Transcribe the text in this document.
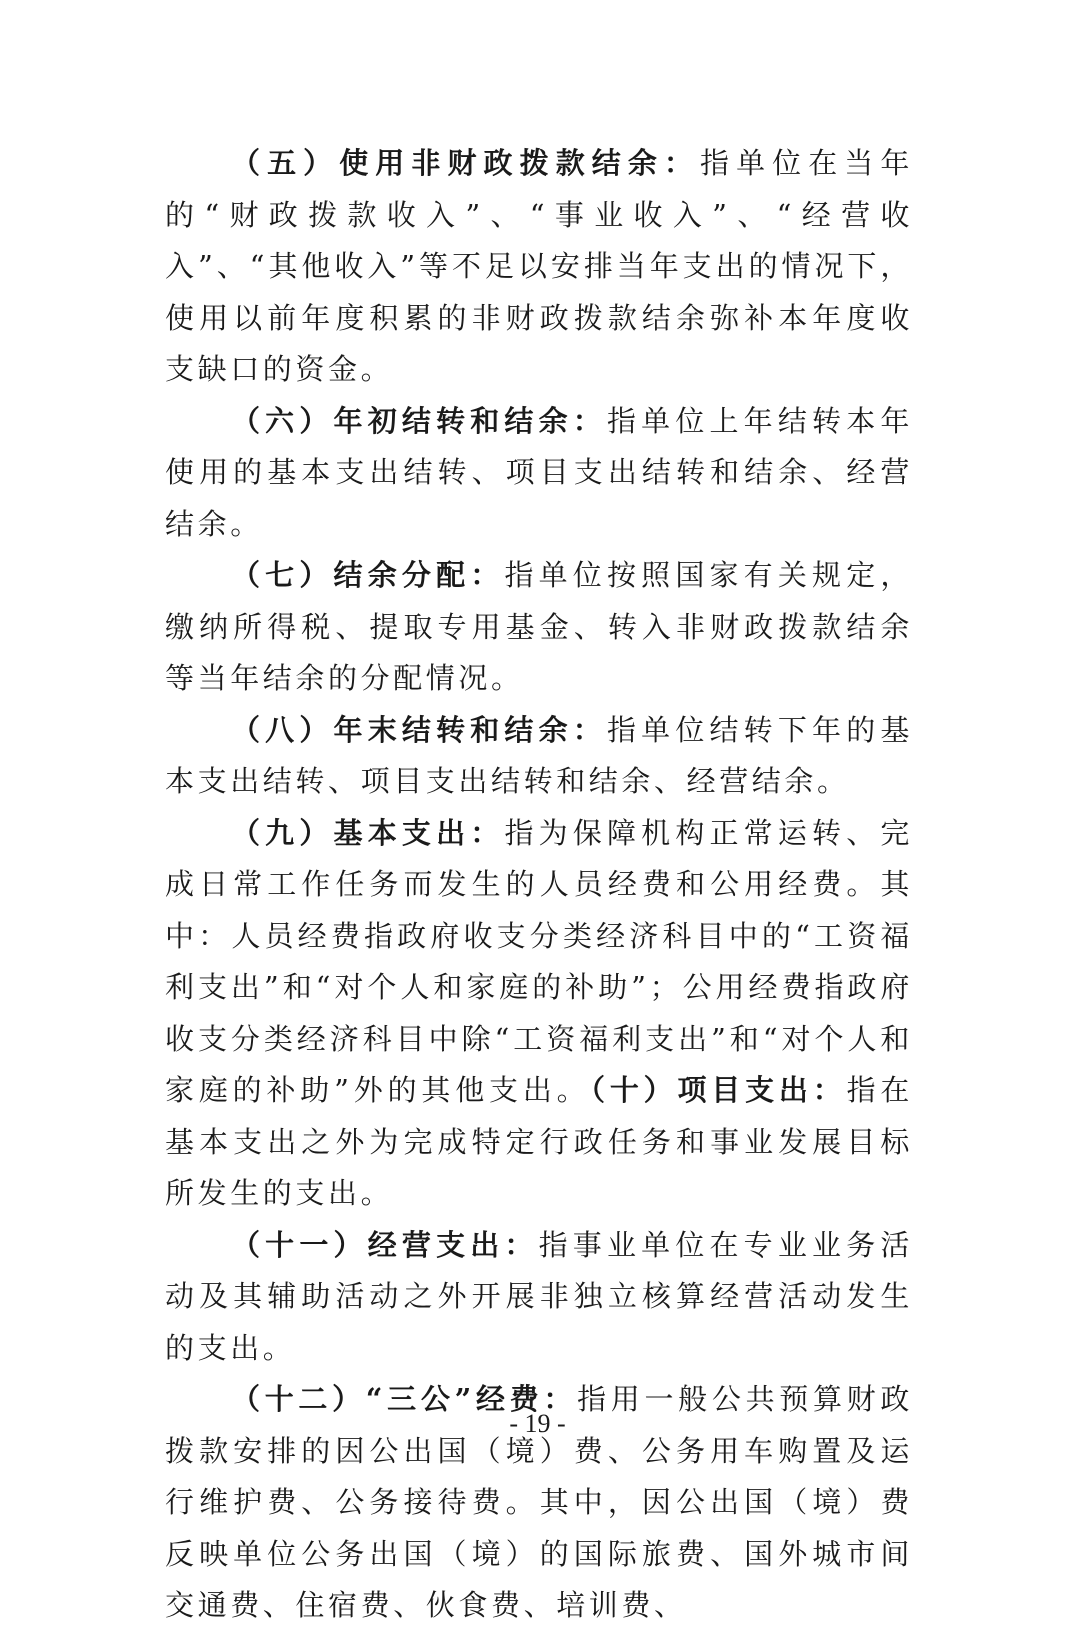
（五）使用非财政拨款结余：指单位在当年的“财政拨款收入”、“事业收入”、“经营收入”、“其他收入”等不足以安排当年支出的情况下，使用以前年度积累的非财政拨款结余弥补本年度收支缺口的资金。

（六）年初结转和结余：指单位上年结转本年使用的基本支出结转、项目支出结转和结余、经营结余。

（七）结余分配：指单位按照国家有关规定，缴纳所得税、提取专用基金、转入非财政拨款结余等当年结余的分配情况。

（八）年末结转和结余：指单位结转下年的基本支出结转、项目支出结转和结余、经营结余。

（九）基本支出：指为保障机构正常运转、完成日常工作任务而发生的人员经费和公用经费。其中：人员经费指政府收支分类经济科目中的“工资福利支出”和“对个人和家庭的补助”；公用经费指政府收支分类经济科目中除“工资福利支出”和“对个人和家庭的补助”外的其他支出。（十）项目支出：指在基本支出之外为完成特定行政任务和事业发展目标所发生的支出。

（十一）经营支出：指事业单位在专业业务活动及其辅助活动之外开展非独立核算经营活动发生的支出。

（十二）“三公”经费：指用一般公共预算财政拨款安排的因公出国（境）费、公务用车购置及运行维护费、公务接待费。其中，因公出国（境）费反映单位公务出国（境）的国际旅费、国外城市间交通费、住宿费、伙食费、培训费、

- 19 -
